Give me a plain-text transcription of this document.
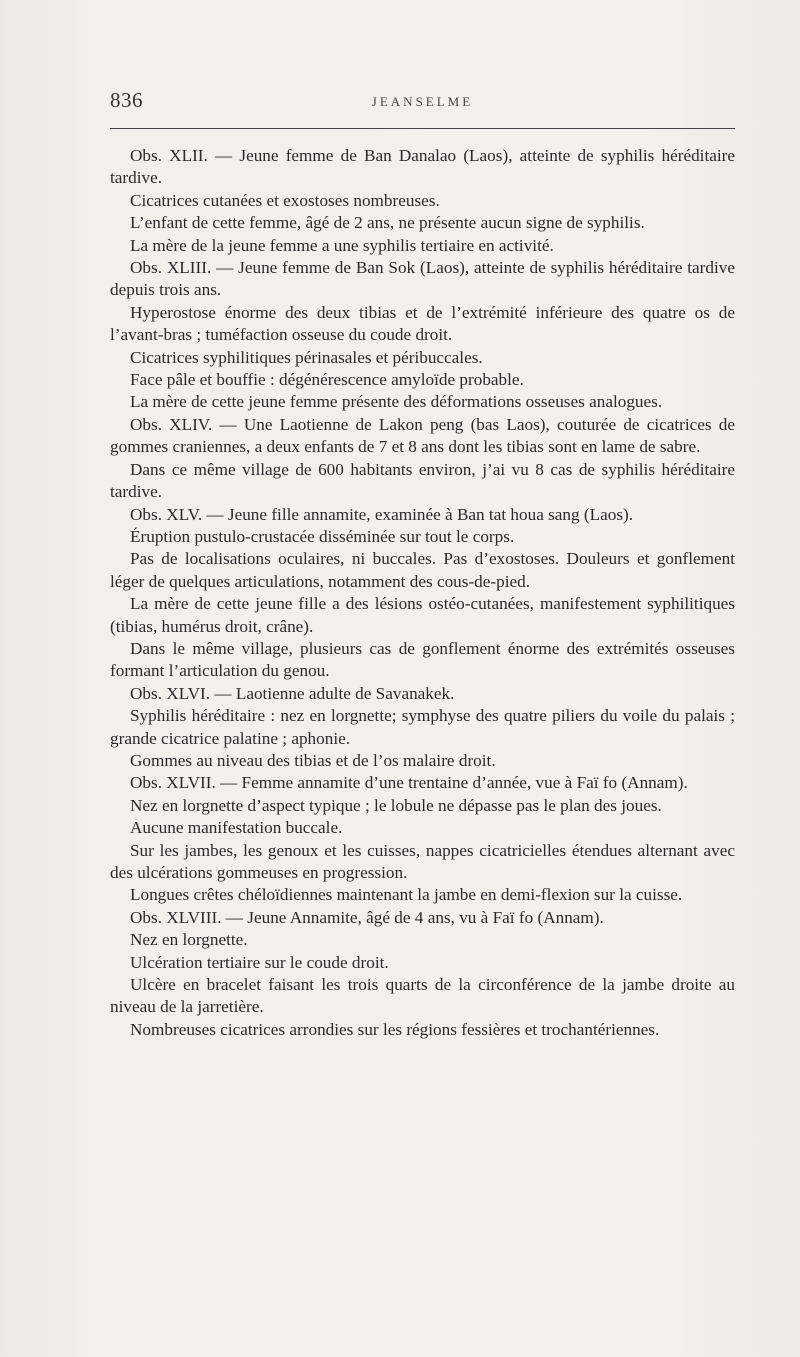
836	JEANSELME

Obs. XLII. — Jeune femme de Ban Danalao (Laos), atteinte de syphilis héréditaire tardive.

Cicatrices cutanées et exostoses nombreuses.

L’enfant de cette femme, âgé de 2 ans, ne présente aucun signe de syphilis.

La mère de la jeune femme a une syphilis tertiaire en activité.

Obs. XLIII. — Jeune femme de Ban Sok (Laos), atteinte de syphilis héréditaire tardive depuis trois ans.

Hyperostose énorme des deux tibias et de l’extrémité inférieure des quatre os de l’avant-bras ; tuméfaction osseuse du coude droit.

Cicatrices syphilitiques périnasales et péribuccales.

Face pâle et bouffie : dégénérescence amyloïde probable.

La mère de cette jeune femme présente des déformations osseuses analogues.

Obs. XLIV. — Une Laotienne de Lakon peng (bas Laos), couturée de cicatrices de gommes craniennes, a deux enfants de 7 et 8 ans dont les tibias sont en lame de sabre.

Dans ce même village de 600 habitants environ, j’ai vu 8 cas de syphilis héréditaire tardive.

Obs. XLV. — Jeune fille annamite, examinée à Ban tat houa sang (Laos).

Éruption pustulo-crustacée disséminée sur tout le corps.

Pas de localisations oculaires, ni buccales. Pas d’exostoses. Douleurs et gonflement léger de quelques articulations, notamment des cous-de-pied.

La mère de cette jeune fille a des lésions ostéo-cutanées, manifestement syphilitiques (tibias, humérus droit, crâne).

Dans le même village, plusieurs cas de gonflement énorme des extrémités osseuses formant l’articulation du genou.

Obs. XLVI. — Laotienne adulte de Savanakek.

Syphilis héréditaire : nez en lorgnette; symphyse des quatre piliers du voile du palais ; grande cicatrice palatine ; aphonie.

Gommes au niveau des tibias et de l’os malaire droit.

Obs. XLVII. — Femme annamite d’une trentaine d’année, vue à Faï fo (Annam).

Nez en lorgnette d’aspect typique ; le lobule ne dépasse pas le plan des joues.

Aucune manifestation buccale.

Sur les jambes, les genoux et les cuisses, nappes cicatricielles étendues alternant avec des ulcérations gommeuses en progression.

Longues crêtes chéloïdiennes maintenant la jambe en demi-flexion sur la cuisse.

Obs. XLVIII. — Jeune Annamite, âgé de 4 ans, vu à Faï fo (Annam).

Nez en lorgnette.

Ulcération tertiaire sur le coude droit.

Ulcère en bracelet faisant les trois quarts de la circonférence de la jambe droite au niveau de la jarretière.

Nombreuses cicatrices arrondies sur les régions fessières et trochantériennes.
